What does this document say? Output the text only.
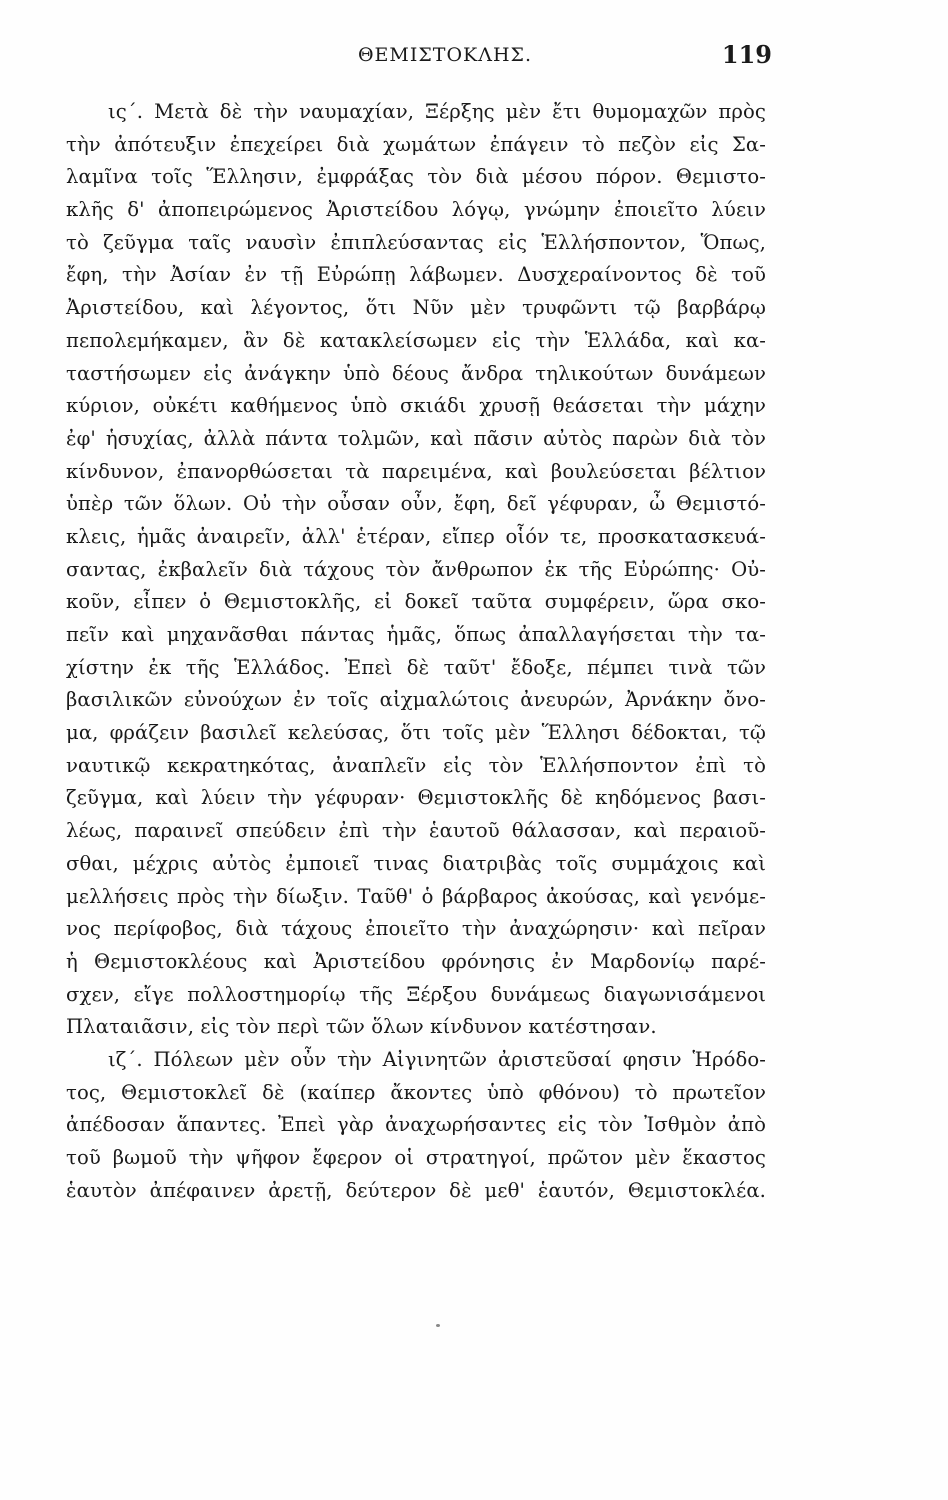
ΘΕΜΙΣΤΟΚΛΗΣ.	119
ις΄. Μετὰ δὲ τὴν ναυμαχίαν, Ξέρξης μὲν ἔτι θυμομαχῶν πρὸς
τὴν ἀπότευξιν ἐπεχείρει διὰ χωμάτων ἐπάγειν τὸ πεζὸν εἰς Σα-
λαμῖνα τοῖς Ἕλλησιν, ἐμφράξας τὸν διὰ μέσου πόρον. Θεμιστο-
κλῆς δ' ἀποπειρώμενος Ἀριστείδου λόγῳ, γνώμην ἐποιεῖτο λύειν
τὸ ζεῦγμα ταῖς ναυσὶν ἐπιπλεύσαντας εἰς Ἑλλήσποντον, Ὅπως,
ἔφη, τὴν Ἀσίαν ἐν τῇ Εὐρώπῃ λάβωμεν. Δυσχεραίνοντος δὲ τοῦ
Ἀριστείδου, καὶ λέγοντος, ὅτι Νῦν μὲν τρυφῶντι τῷ βαρβάρῳ
πεπολεμήκαμεν, ἂν δὲ κατακλείσωμεν εἰς τὴν Ἑλλάδα, καὶ κα-
ταστήσωμεν εἰς ἀνάγκην ὑπὸ δέους ἄνδρα τηλικούτων δυνάμεων
κύριον, οὐκέτι καθήμενος ὑπὸ σκιάδι χρυσῇ θεάσεται τὴν μάχην
ἐφ' ἡσυχίας, ἀλλὰ πάντα τολμῶν, καὶ πᾶσιν αὐτὸς παρὼν διὰ τὸν
κίνδυνον, ἐπανορθώσεται τὰ παρειμένα, καὶ βουλεύσεται βέλτιον
ὑπὲρ τῶν ὅλων. Οὐ τὴν οὖσαν οὖν, ἔφη, δεῖ γέφυραν, ὦ Θεμιστό-
κλεις, ἡμᾶς ἀναιρεῖν, ἀλλ' ἑτέραν, εἴπερ οἷόν τε, προσκατασκευά-
σαντας, ἐκβαλεῖν διὰ τάχους τὸν ἄνθρωπον ἐκ τῆς Εὐρώπης· Οὐ-
κοῦν, εἶπεν ὁ Θεμιστοκλῆς, εἰ δοκεῖ ταῦτα συμφέρειν, ὥρα σκο-
πεῖν καὶ μηχανᾶσθαι πάντας ἡμᾶς, ὅπως ἀπαλλαγήσεται τὴν τα-
χίστην ἐκ τῆς Ἑλλάδος. Ἐπεὶ δὲ ταῦτ' ἔδοξε, πέμπει τινὰ τῶν
βασιλικῶν εὐνούχων ἐν τοῖς αἰχμαλώτοις ἀνευρών, Ἀρνάκην ὄνο-
μα, φράζειν βασιλεῖ κελεύσας, ὅτι τοῖς μὲν Ἕλλησι δέδοκται, τῷ
ναυτικῷ κεκρατηκότας, ἀναπλεῖν εἰς τὸν Ἑλλήσποντον ἐπὶ τὸ
ζεῦγμα, καὶ λύειν τὴν γέφυραν· Θεμιστοκλῆς δὲ κηδόμενος βασι-
λέως, παραινεῖ σπεύδειν ἐπὶ τὴν ἑαυτοῦ θάλασσαν, καὶ περαιοῦ-
σθαι, μέχρις αὐτὸς ἐμποιεῖ τινας διατριβὰς τοῖς συμμάχοις καὶ
μελλήσεις πρὸς τὴν δίωξιν. Ταῦθ' ὁ βάρβαρος ἀκούσας, καὶ γενόμε-
νος περίφοβος, διὰ τάχους ἐποιεῖτο τὴν ἀναχώρησιν· καὶ πεῖραν
ἡ Θεμιστοκλέους καὶ Ἀριστείδου φρόνησις ἐν Μαρδονίῳ παρέ-
σχεν, εἴγε πολλοστημορίῳ τῆς Ξέρξου δυνάμεως διαγωνισάμενοι
Πλαταιᾶσιν, εἰς τὸν περὶ τῶν ὅλων κίνδυνον κατέστησαν.
ιζ΄. Πόλεων μὲν οὖν τὴν Αἰγινητῶν ἀριστεῦσαί φησιν Ἡρόδο-
τος, Θεμιστοκλεῖ δὲ (καίπερ ἄκοντες ὑπὸ φθόνου) τὸ πρωτεῖον
ἀπέδοσαν ἅπαντες. Ἐπεὶ γὰρ ἀναχωρήσαντες εἰς τὸν Ἰσθμὸν ἀπὸ
τοῦ βωμοῦ τὴν ψῆφον ἔφερον οἱ στρατηγοί, πρῶτον μὲν ἕκαστος
ἑαυτὸν ἀπέφαινεν ἀρετῇ, δεύτερον δὲ μεθ' ἑαυτόν, Θεμιστοκλέα.
